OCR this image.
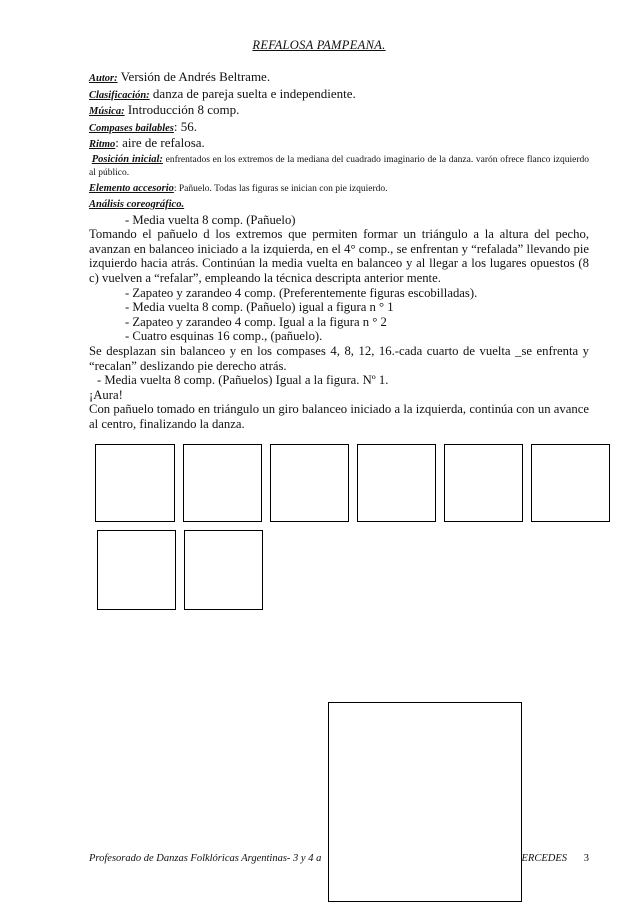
REFALOSA PAMPEANA.
Autor: Versión de Andrés Beltrame.
Clasificación: danza de pareja suelta e independiente.
Música: Introducción 8 comp.
Compases bailables: 56.
Ritmo: aire de refalosa.
Posición inicial: enfrentados en los extremos de la mediana del cuadrado imaginario de la danza. varón ofrece flanco izquierdo al público.
Elemento accesorio: Pañuelo. Todas las figuras se inician con pie izquierdo.

Análisis coreográfico.

- Media vuelta 8 comp. (Pañuelo)

Tomando el pañuelo d los extremos que permiten formar un triángulo a la altura del pecho, avanzan en balanceo iniciado a la izquierda, en el 4° comp., se enfrentan y “refalada” llevando pie izquierdo hacia atrás. Continúan la media vuelta en balanceo y al llegar a los lugares opuestos (8 c) vuelven a “refalar”, empleando la técnica descripta anterior mente.

- Zapateo y zarandeo 4 comp. (Preferentemente figuras escobilladas).

- Media vuelta 8 comp. (Pañuelo) igual a figura n ° 1

- Zapateo y zarandeo 4 comp. Igual a la figura n ° 2

- Cuatro esquinas 16 comp., (pañuelo).

Se desplazan sin balanceo y en los compases 4, 8, 12, 16.-cada cuarto de vuelta _se enfrenta y “recalan” deslizando pie derecho atrás.

- Media vuelta 8 comp. (Pañuelos) Igual a la figura. Nº 1.

¡Aura!

Con pañuelo tomado en triángulo un giro balanceo iniciado a la izquierda, continúa con un avance al centro, finalizando la danza.

Profesorado de Danzas Folklóricas Argentinas- 3 y 4 a	ERCEDES 3
